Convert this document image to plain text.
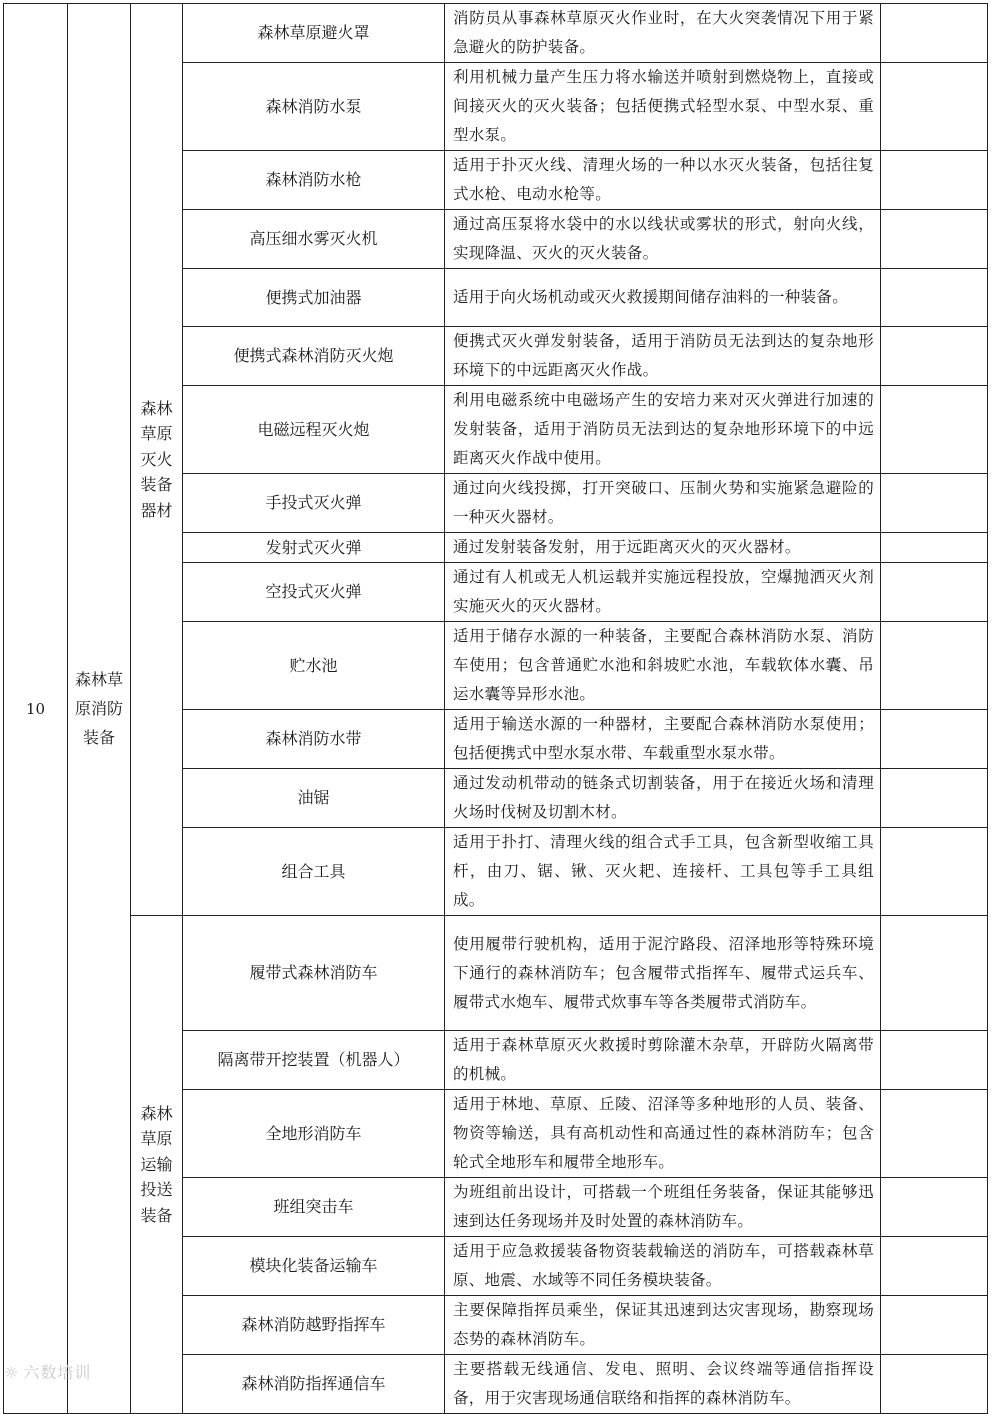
10	森林草原消防装备	森林草原灭火装备器材	森林草原避火罩	消防员从事森林草原灭火作业时，在大火突袭情况下用于紧急避火的防护装备。	
			森林消防水泵	利用机械力量产生压力将水输送并喷射到燃烧物上，直接或间接灭火的灭火装备；包括便携式轻型水泵、中型水泵、重型水泵。	
			森林消防水枪	适用于扑灭火线、清理火场的一种以水灭火装备，包括往复式水枪、电动水枪等。	
			高压细水雾灭火机	通过高压泵将水袋中的水以线状或雾状的形式，射向火线，实现降温、灭火的灭火装备。	
			便携式加油器	适用于向火场机动或灭火救援期间储存油料的一种装备。	
			便携式森林消防灭火炮	便携式灭火弹发射装备，适用于消防员无法到达的复杂地形环境下的中远距离灭火作战。	
			电磁远程灭火炮	利用电磁系统中电磁场产生的安培力来对灭火弹进行加速的发射装备，适用于消防员无法到达的复杂地形环境下的中远距离灭火作战中使用。	
			手投式灭火弹	通过向火线投掷，打开突破口、压制火势和实施紧急避险的一种灭火器材。	
			发射式灭火弹	通过发射装备发射，用于远距离灭火的灭火器材。	
			空投式灭火弹	通过有人机或无人机运载并实施远程投放，空爆抛洒灭火剂实施灭火的灭火器材。	
			贮水池	适用于储存水源的一种装备，主要配合森林消防水泵、消防车使用；包含普通贮水池和斜坡贮水池，车载软体水囊、吊运水囊等异形水池。	
			森林消防水带	适用于输送水源的一种器材，主要配合森林消防水泵使用；包括便携式中型水泵水带、车载重型水泵水带。	
			油锯	通过发动机带动的链条式切割装备，用于在接近火场和清理火场时伐树及切割木材。	
			组合工具	适用于扑打、清理火线的组合式手工具，包含新型收缩工具杆，由刀、锯、锹、灭火耙、连接杆、工具包等手工具组成。	
		森林草原运输投送装备	履带式森林消防车	使用履带行驶机构，适用于泥泞路段、沼泽地形等特殊环境下通行的森林消防车；包含履带式指挥车、履带式运兵车、履带式水炮车、履带式炊事车等各类履带式消防车。	
			隔离带开挖装置（机器人）	适用于森林草原灭火救援时剪除灌木杂草，开辟防火隔离带的机械。	
			全地形消防车	适用于林地、草原、丘陵、沼泽等多种地形的人员、装备、物资等输送，具有高机动性和高通过性的森林消防车；包含轮式全地形车和履带全地形车。	
			班组突击车	为班组前出设计，可搭载一个班组任务装备，保证其能够迅速到达任务现场并及时处置的森林消防车。	
			模块化装备运输车	适用于应急救援装备物资装载输送的消防车，可搭载森林草原、地震、水域等不同任务模块装备。	
			森林消防越野指挥车	主要保障指挥员乘坐，保证其迅速到达灾害现场，勘察现场态势的森林消防车。	
			森林消防指挥通信车	主要搭载无线通信、发电、照明、会议终端等通信指挥设备，用于灾害现场通信联络和指挥的森林消防车。	
☼ 六数培训
